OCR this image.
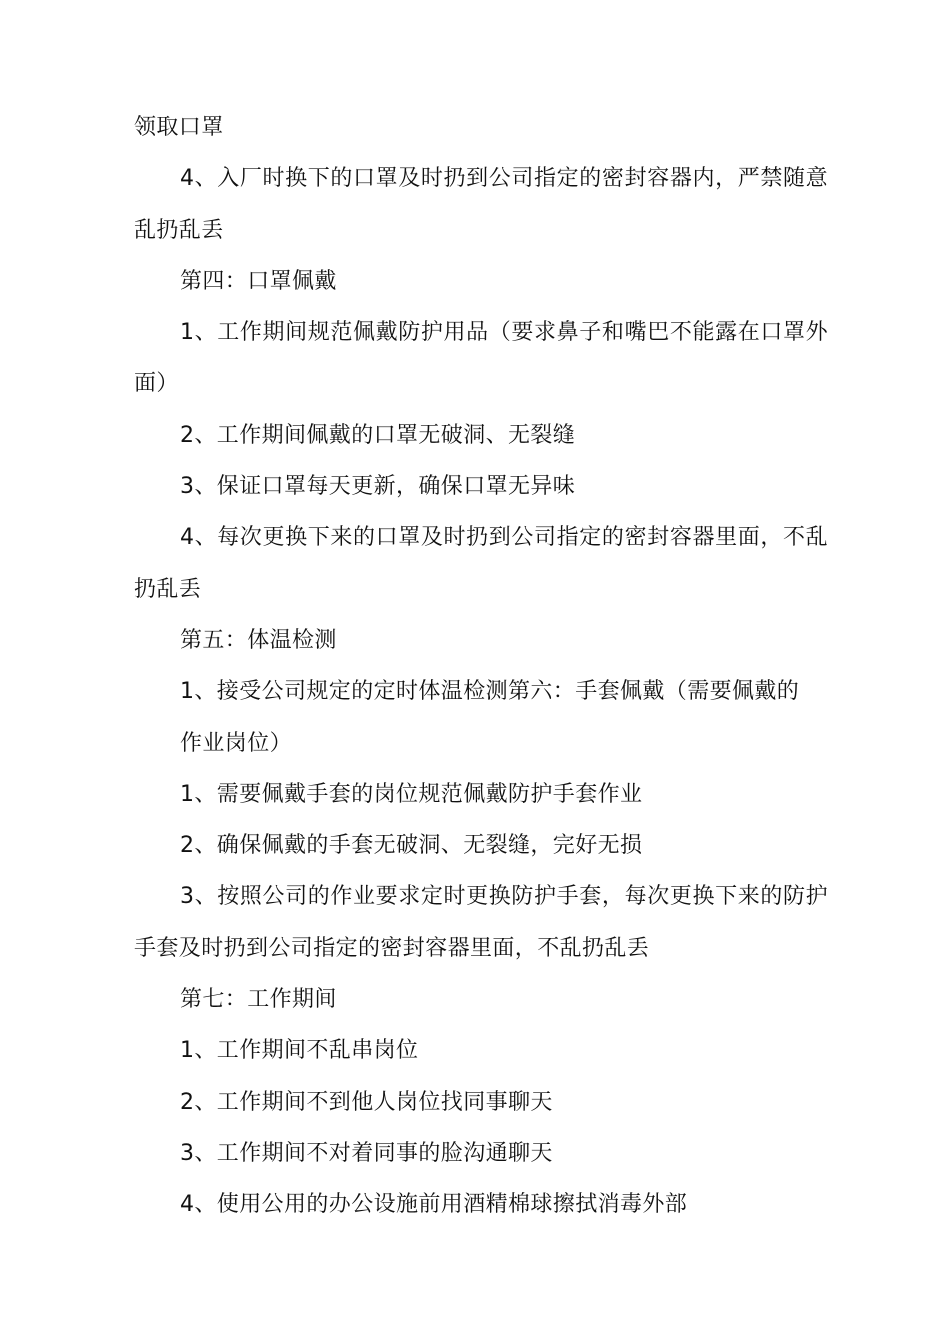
领取口罩

4、入厂时换下的口罩及时扔到公司指定的密封容器内，严禁随意乱扔乱丢

第四：口罩佩戴

1、工作期间规范佩戴防护用品（要求鼻子和嘴巴不能露在口罩外面）

2、工作期间佩戴的口罩无破洞、无裂缝

3、保证口罩每天更新，确保口罩无异味

4、每次更换下来的口罩及时扔到公司指定的密封容器里面，不乱扔乱丢

第五：体温检测

1、接受公司规定的定时体温检测第六：手套佩戴（需要佩戴的

作业岗位）

1、需要佩戴手套的岗位规范佩戴防护手套作业

2、确保佩戴的手套无破洞、无裂缝，完好无损

3、按照公司的作业要求定时更换防护手套，每次更换下来的防护手套及时扔到公司指定的密封容器里面，不乱扔乱丢

第七：工作期间

1、工作期间不乱串岗位

2、工作期间不到他人岗位找同事聊天

3、工作期间不对着同事的脸沟通聊天

4、使用公用的办公设施前用酒精棉球擦拭消毒外部
